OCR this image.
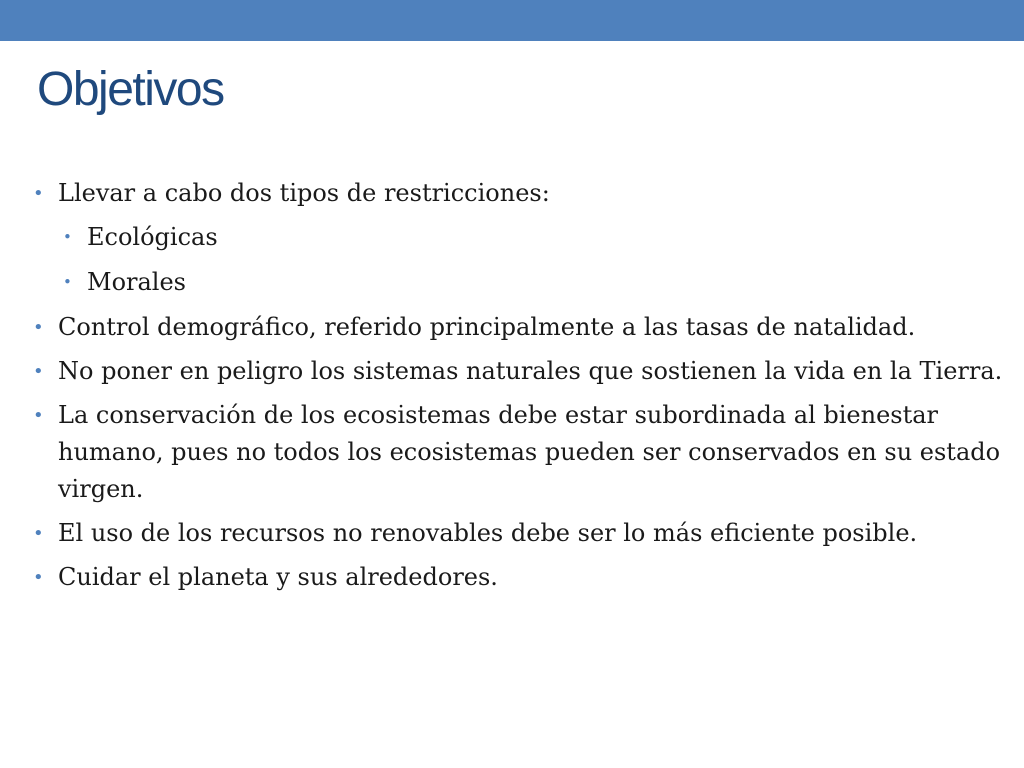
Objetivos
• Llevar a cabo dos tipos de restricciones:
• Ecológicas
• Morales
• Control demográfico, referido principalmente a las tasas de natalidad.
• No poner en peligro los sistemas naturales que sostienen la vida en la Tierra.
• La conservación de los ecosistemas debe estar subordinada al bienestar humano, pues no todos los ecosistemas pueden ser conservados en su estado virgen.
• El uso de los recursos no renovables debe ser lo más eficiente posible.
• Cuidar el planeta y sus alrededores.
